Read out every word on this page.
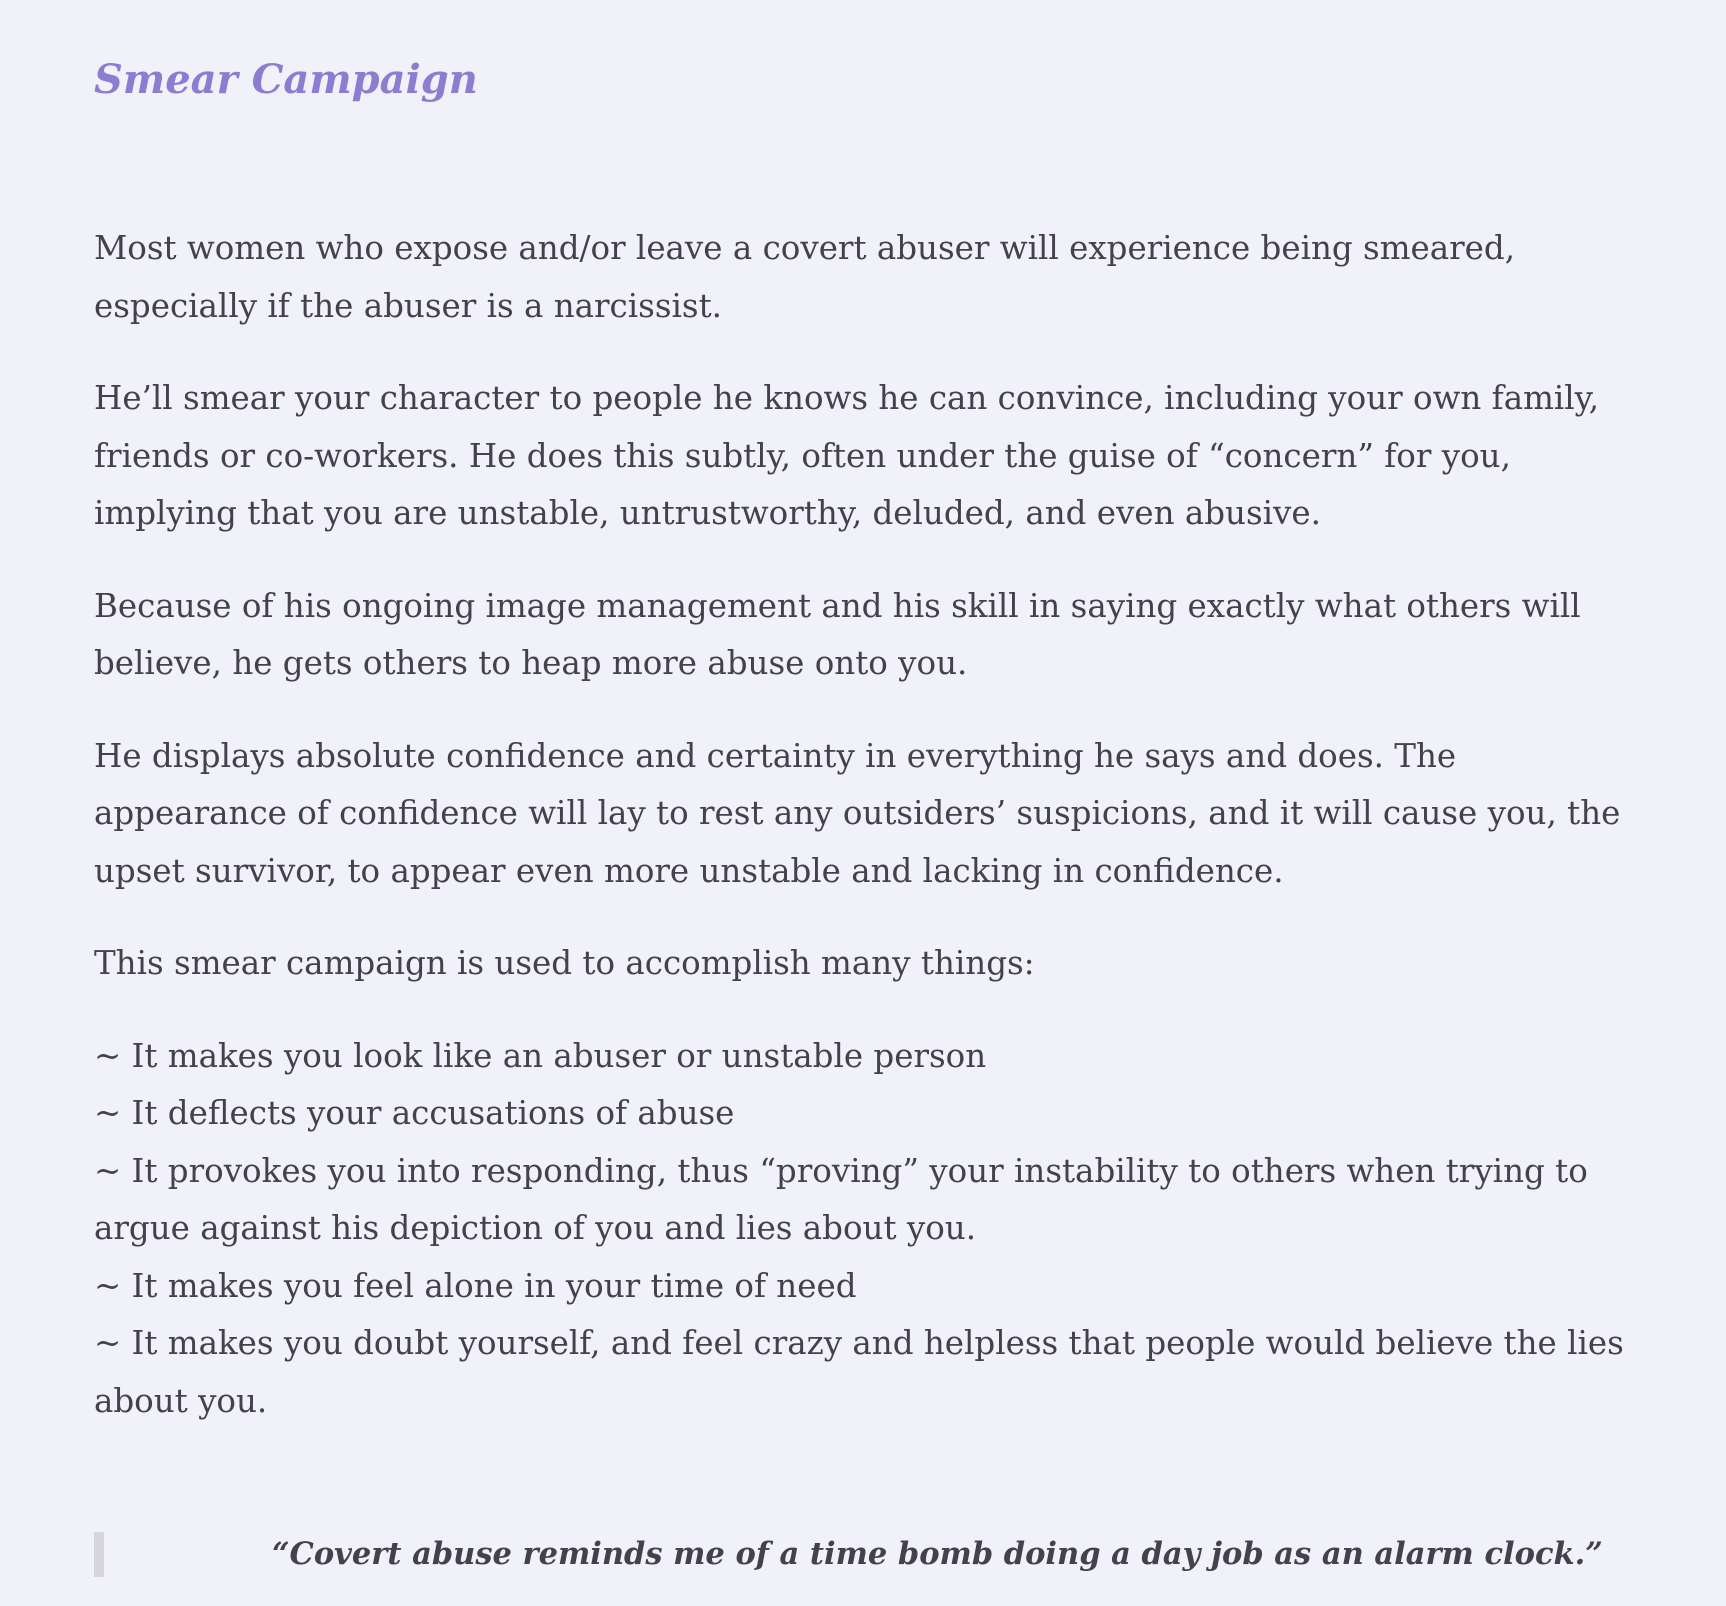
Smear Campaign

Most women who expose and/or leave a covert abuser will experience being smeared, especially if the abuser is a narcissist.

He’ll smear your character to people he knows he can convince, including your own family, friends or co-workers. He does this subtly, often under the guise of “concern” for you, implying that you are unstable, untrustworthy, deluded, and even abusive.

Because of his ongoing image management and his skill in saying exactly what others will believe, he gets others to heap more abuse onto you.

He displays absolute confidence and certainty in everything he says and does. The appearance of confidence will lay to rest any outsiders’ suspicions, and it will cause you, the upset survivor, to appear even more unstable and lacking in confidence.

This smear campaign is used to accomplish many things:

~ It makes you look like an abuser or unstable person
~ It deflects your accusations of abuse
~ It provokes you into responding, thus “proving” your instability to others when trying to argue against his depiction of you and lies about you.
~ It makes you feel alone in your time of need
~ It makes you doubt yourself, and feel crazy and helpless that people would believe the lies about you.
“Covert abuse reminds me of a time bomb doing a day job as an alarm clock.”
